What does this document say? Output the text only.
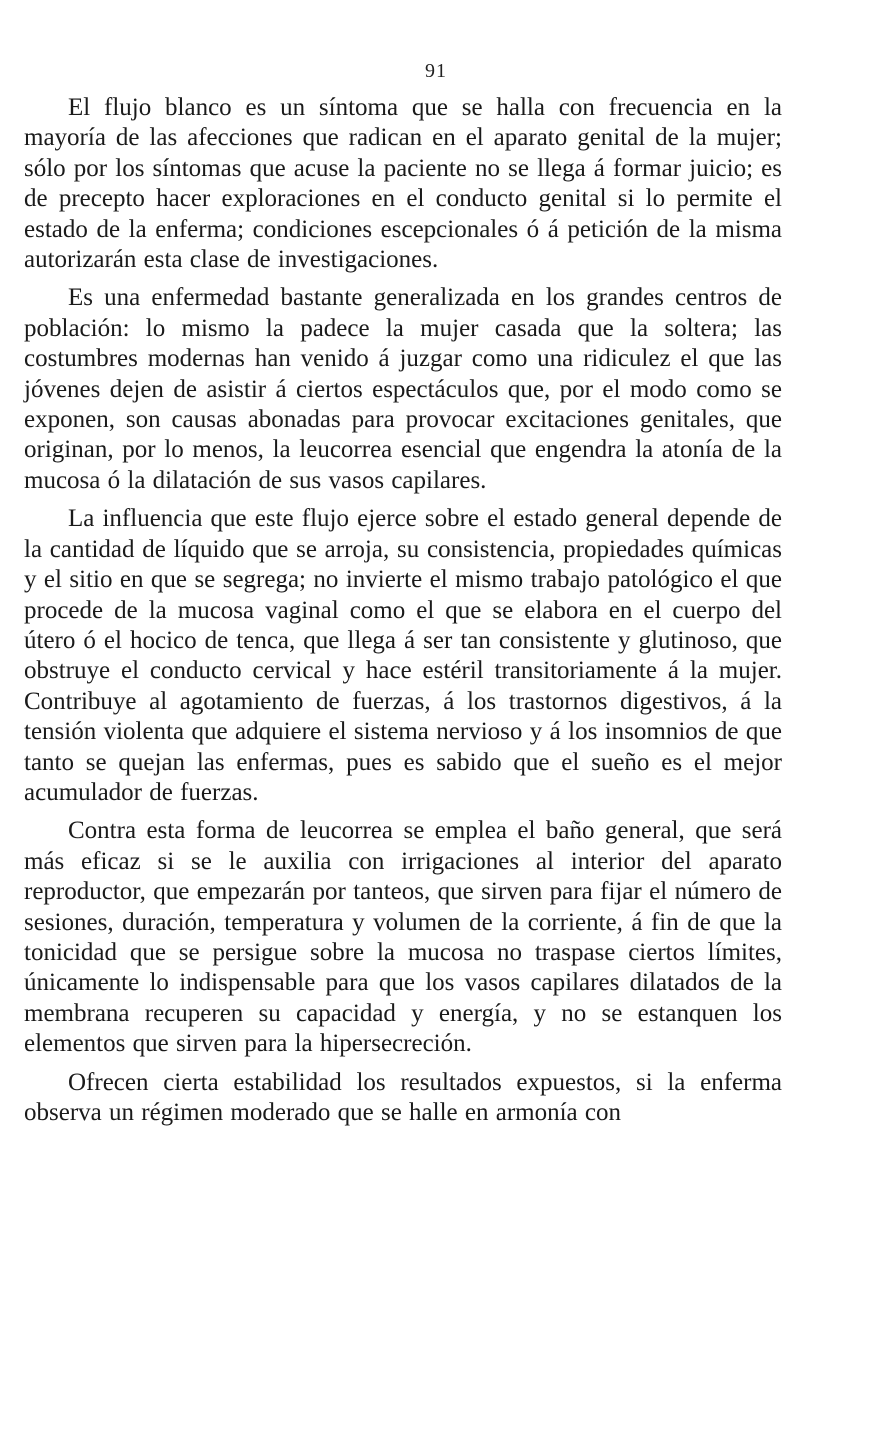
91

El flujo blanco es un síntoma que se halla con frecuencia en la mayoría de las afecciones que radican en el aparato genital de la mujer; sólo por los síntomas que acuse la paciente no se llega á formar juicio; es de precepto hacer exploraciones en el conducto genital si lo permite el estado de la enferma; condiciones escepcionales ó á petición de la misma autorizarán esta clase de investigaciones.

Es una enfermedad bastante generalizada en los grandes centros de población: lo mismo la padece la mujer casada que la soltera; las costumbres modernas han venido á juzgar como una ridiculez el que las jóvenes dejen de asistir á ciertos espectáculos que, por el modo como se exponen, son causas abonadas para provocar excitaciones genitales, que originan, por lo menos, la leucorrea esencial que engendra la atonía de la mucosa ó la dilatación de sus vasos capilares.

La influencia que este flujo ejerce sobre el estado general depende de la cantidad de líquido que se arroja, su consistencia, propiedades químicas y el sitio en que se segrega; no invierte el mismo trabajo patológico el que procede de la mucosa vaginal como el que se elabora en el cuerpo del útero ó el hocico de tenca, que llega á ser tan consistente y glutinoso, que obstruye el conducto cervical y hace estéril transitoriamente á la mujer. Contribuye al agotamiento de fuerzas, á los trastornos digestivos, á la tensión violenta que adquiere el sistema nervioso y á los insomnios de que tanto se quejan las enfermas, pues es sabido que el sueño es el mejor acumulador de fuerzas.

Contra esta forma de leucorrea se emplea el baño general, que será más eficaz si se le auxilia con irrigaciones al interior del aparato reproductor, que empezarán por tanteos, que sirven para fijar el número de sesiones, duración, temperatura y volumen de la corriente, á fin de que la tonicidad que se persigue sobre la mucosa no traspase ciertos límites, únicamente lo indispensable para que los vasos capilares dilatados de la membrana recuperen su capacidad y energía, y no se estanquen los elementos que sirven para la hipersecreción.

Ofrecen cierta estabilidad los resultados expuestos, si la enferma observa un régimen moderado que se halle en armonía con
